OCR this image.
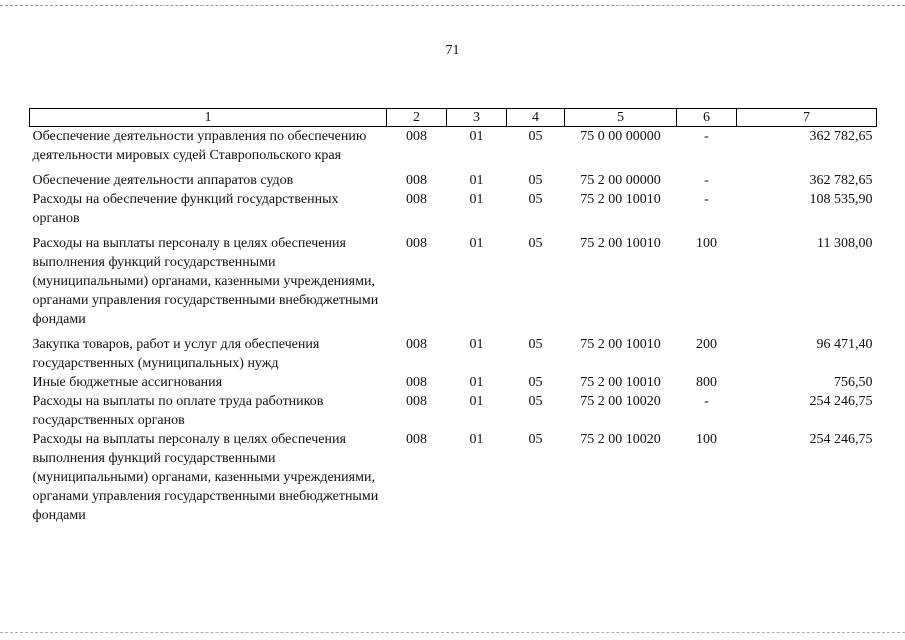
71
1	2	3	4	5	6	7
Обеспечение деятельности управления по обеспечению деятельности мировых судей Ставропольского края	008	01	05	75 0 00 00000	-	362 782,65
Обеспечение деятельности аппаратов судов	008	01	05	75 2 00 00000	-	362 782,65
Расходы на обеспечение функций государственных органов	008	01	05	75 2 00 10010	-	108 535,90
Расходы на выплаты персоналу в целях обеспечения выполнения функций государственными (муниципальными) органами, казенными учреждениями, органами управления государственными внебюджетными фондами	008	01	05	75 2 00 10010	100	11 308,00
Закупка товаров, работ и услуг для обеспечения государственных (муниципальных) нужд	008	01	05	75 2 00 10010	200	96 471,40
Иные бюджетные ассигнования	008	01	05	75 2 00 10010	800	756,50
Расходы на выплаты по оплате труда работников государственных органов	008	01	05	75 2 00 10020	-	254 246,75
Расходы на выплаты персоналу в целях обеспечения выполнения функций государственными (муниципальными) органами, казенными учреждениями, органами управления государственными внебюджетными фондами	008	01	05	75 2 00 10020	100	254 246,75
